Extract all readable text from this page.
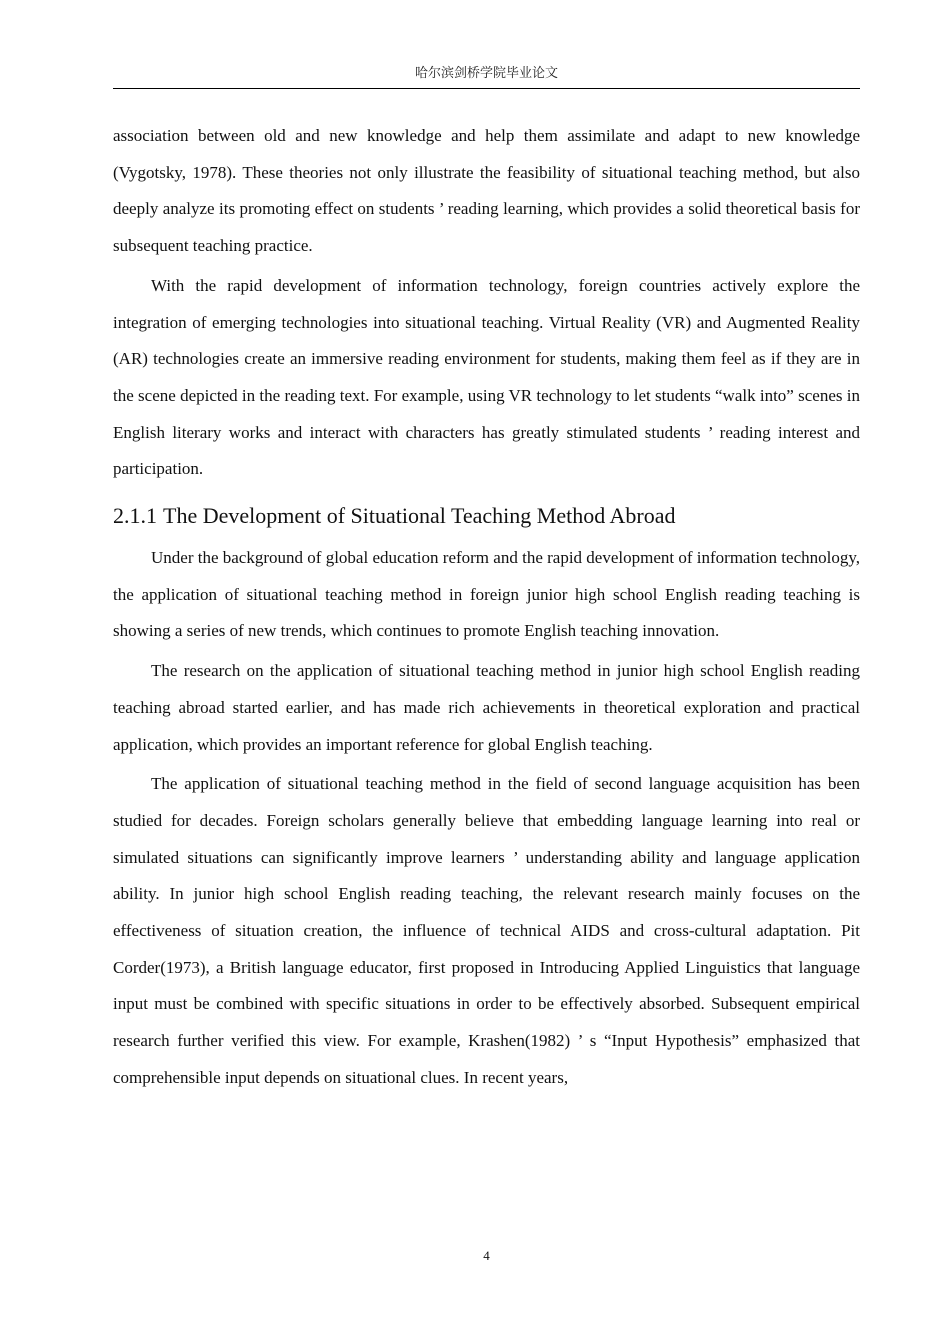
哈尔滨剑桥学院毕业论文

association between old and new knowledge and help them assimilate and adapt to new knowledge (Vygotsky, 1978). These theories not only illustrate the feasibility of situational teaching method, but also deeply analyze its promoting effect on students ’ reading learning, which provides a solid theoretical basis for subsequent teaching practice.

With the rapid development of information technology, foreign countries actively explore the integration of emerging technologies into situational teaching. Virtual Reality (VR) and Augmented Reality (AR) technologies create an immersive reading environment for students, making them feel as if they are in the scene depicted in the reading text. For example, using VR technology to let students “walk into” scenes in English literary works and interact with characters has greatly stimulated students ’ reading interest and participation.

2.1.1 The Development of Situational Teaching Method Abroad

Under the background of global education reform and the rapid development of information technology, the application of situational teaching method in foreign junior high school English reading teaching is showing a series of new trends, which continues to promote English teaching innovation.

The research on the application of situational teaching method in junior high school English reading teaching abroad started earlier, and has made rich achievements in theoretical exploration and practical application, which provides an important reference for global English teaching.

The application of situational teaching method in the field of second language acquisition has been studied for decades. Foreign scholars generally believe that embedding language learning into real or simulated situations can significantly improve learners ’ understanding ability and language application ability. In junior high school English reading teaching, the relevant research mainly focuses on the effectiveness of situation creation, the influence of technical AIDS and cross-cultural adaptation. Pit Corder(1973), a British language educator, first proposed in Introducing Applied Linguistics that language input must be combined with specific situations in order to be effectively absorbed. Subsequent empirical research further verified this view. For example, Krashen(1982) ’ s “Input Hypothesis” emphasized that comprehensible input depends on situational clues. In recent years,

4
